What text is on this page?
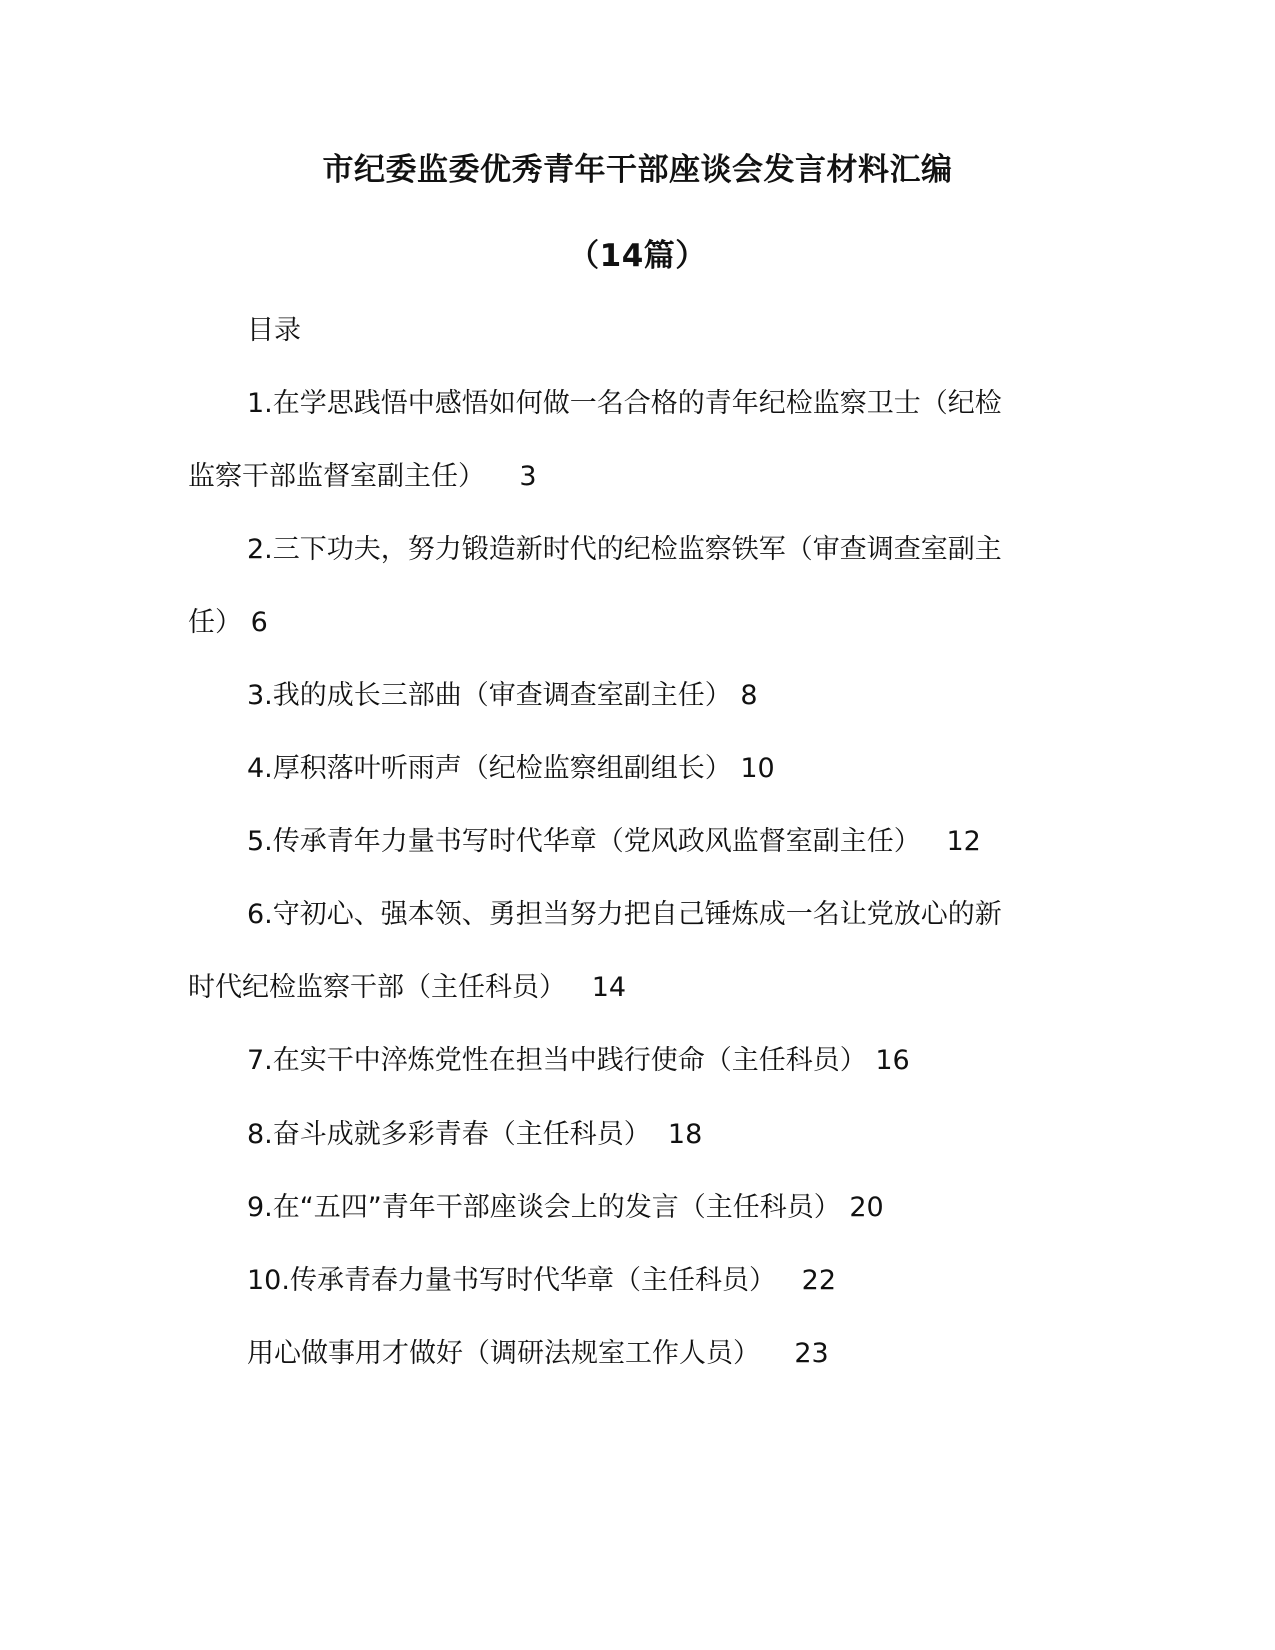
市纪委监委优秀青年干部座谈会发言材料汇编
（14篇）
目录
1.在学思践悟中感悟如何做一名合格的青年纪检监察卫士（纪检
监察干部监督室副主任）    3
2.三下功夫，努力锻造新时代的纪检监察铁军（审查调查室副主
任） 6
3.我的成长三部曲（审查调查室副主任） 8
4.厚积落叶听雨声（纪检监察组副组长） 10
5.传承青年力量书写时代华章（党风政风监督室副主任）   12
6.守初心、强本领、勇担当努力把自己锤炼成一名让党放心的新
时代纪检监察干部（主任科员）   14
7.在实干中淬炼党性在担当中践行使命（主任科员） 16
8.奋斗成就多彩青春（主任科员）  18
9.在“五四”青年干部座谈会上的发言（主任科员） 20
10.传承青春力量书写时代华章（主任科员）   22
用心做事用才做好（调研法规室工作人员）    23
